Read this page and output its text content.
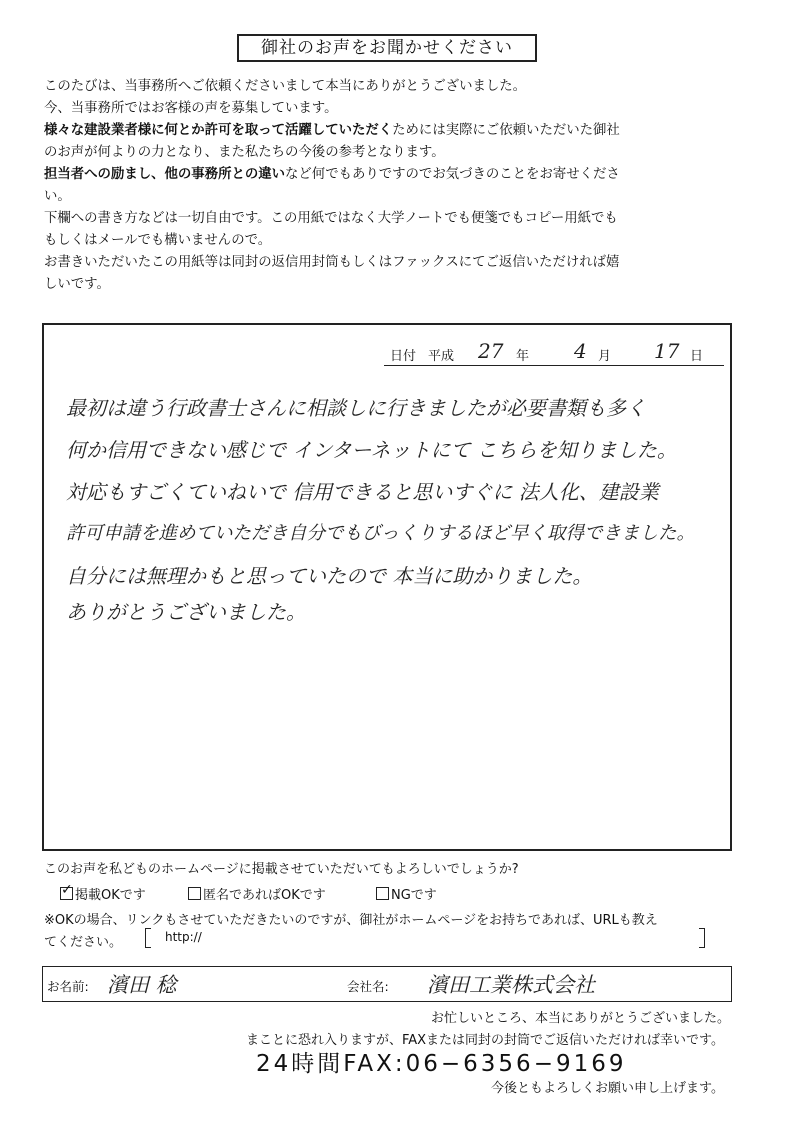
御社のお声をお聞かせください

このたびは、当事務所へご依頼くださいまして本当にありがとうございました。

今、当事務所ではお客様の声を募集しています。

様々な建設業者様に何とか許可を取って活躍していただくためには実際にご依頼いただいた御社

のお声が何よりの力となり、また私たちの今後の参考となります。

担当者への励まし、他の事務所との違いなど何でもありですのでお気づきのことをお寄せくださ

い。

下欄への書き方などは一切自由です。この用紙ではなく大学ノートでも便箋でもコピー用紙でも

もしくはメールでも構いませんので。

お書きいただいたこの用紙等は同封の返信用封筒もしくはファックスにてご返信いただければ嬉

しいです。

日付 平成 27 年 4 月 17 日
最初は違う行政書士さんに相談しに行きましたが必要書類も多く
何か信用できない感じで インターネットにて こちらを知りました。
対応もすごくていねいで 信用できると思いすぐに 法人化、建設業
許可申請を進めていただき自分でもびっくりするほど早く取得できました。
自分には無理かもと思っていたので 本当に助かりました。
ありがとうございました。
このお声を私どものホームページに掲載させていただいてもよろしいでしょうか?
✓ 掲載OKです	匿名であればOKです	NGです
※OKの場合、リンクもさせていただきたいのですが、御社がホームページをお持ちであれば、URLも教え
てください。	http://
お名前: 濱田 稔	会社名: 濱田工業株式会社
お忙しいところ、本当にありがとうございました。
まことに恐れ入りますが、FAXまたは同封の封筒でご返信いただければ幸いです。
24時間FAX:06−6356−9169
今後ともよろしくお願い申し上げます。
